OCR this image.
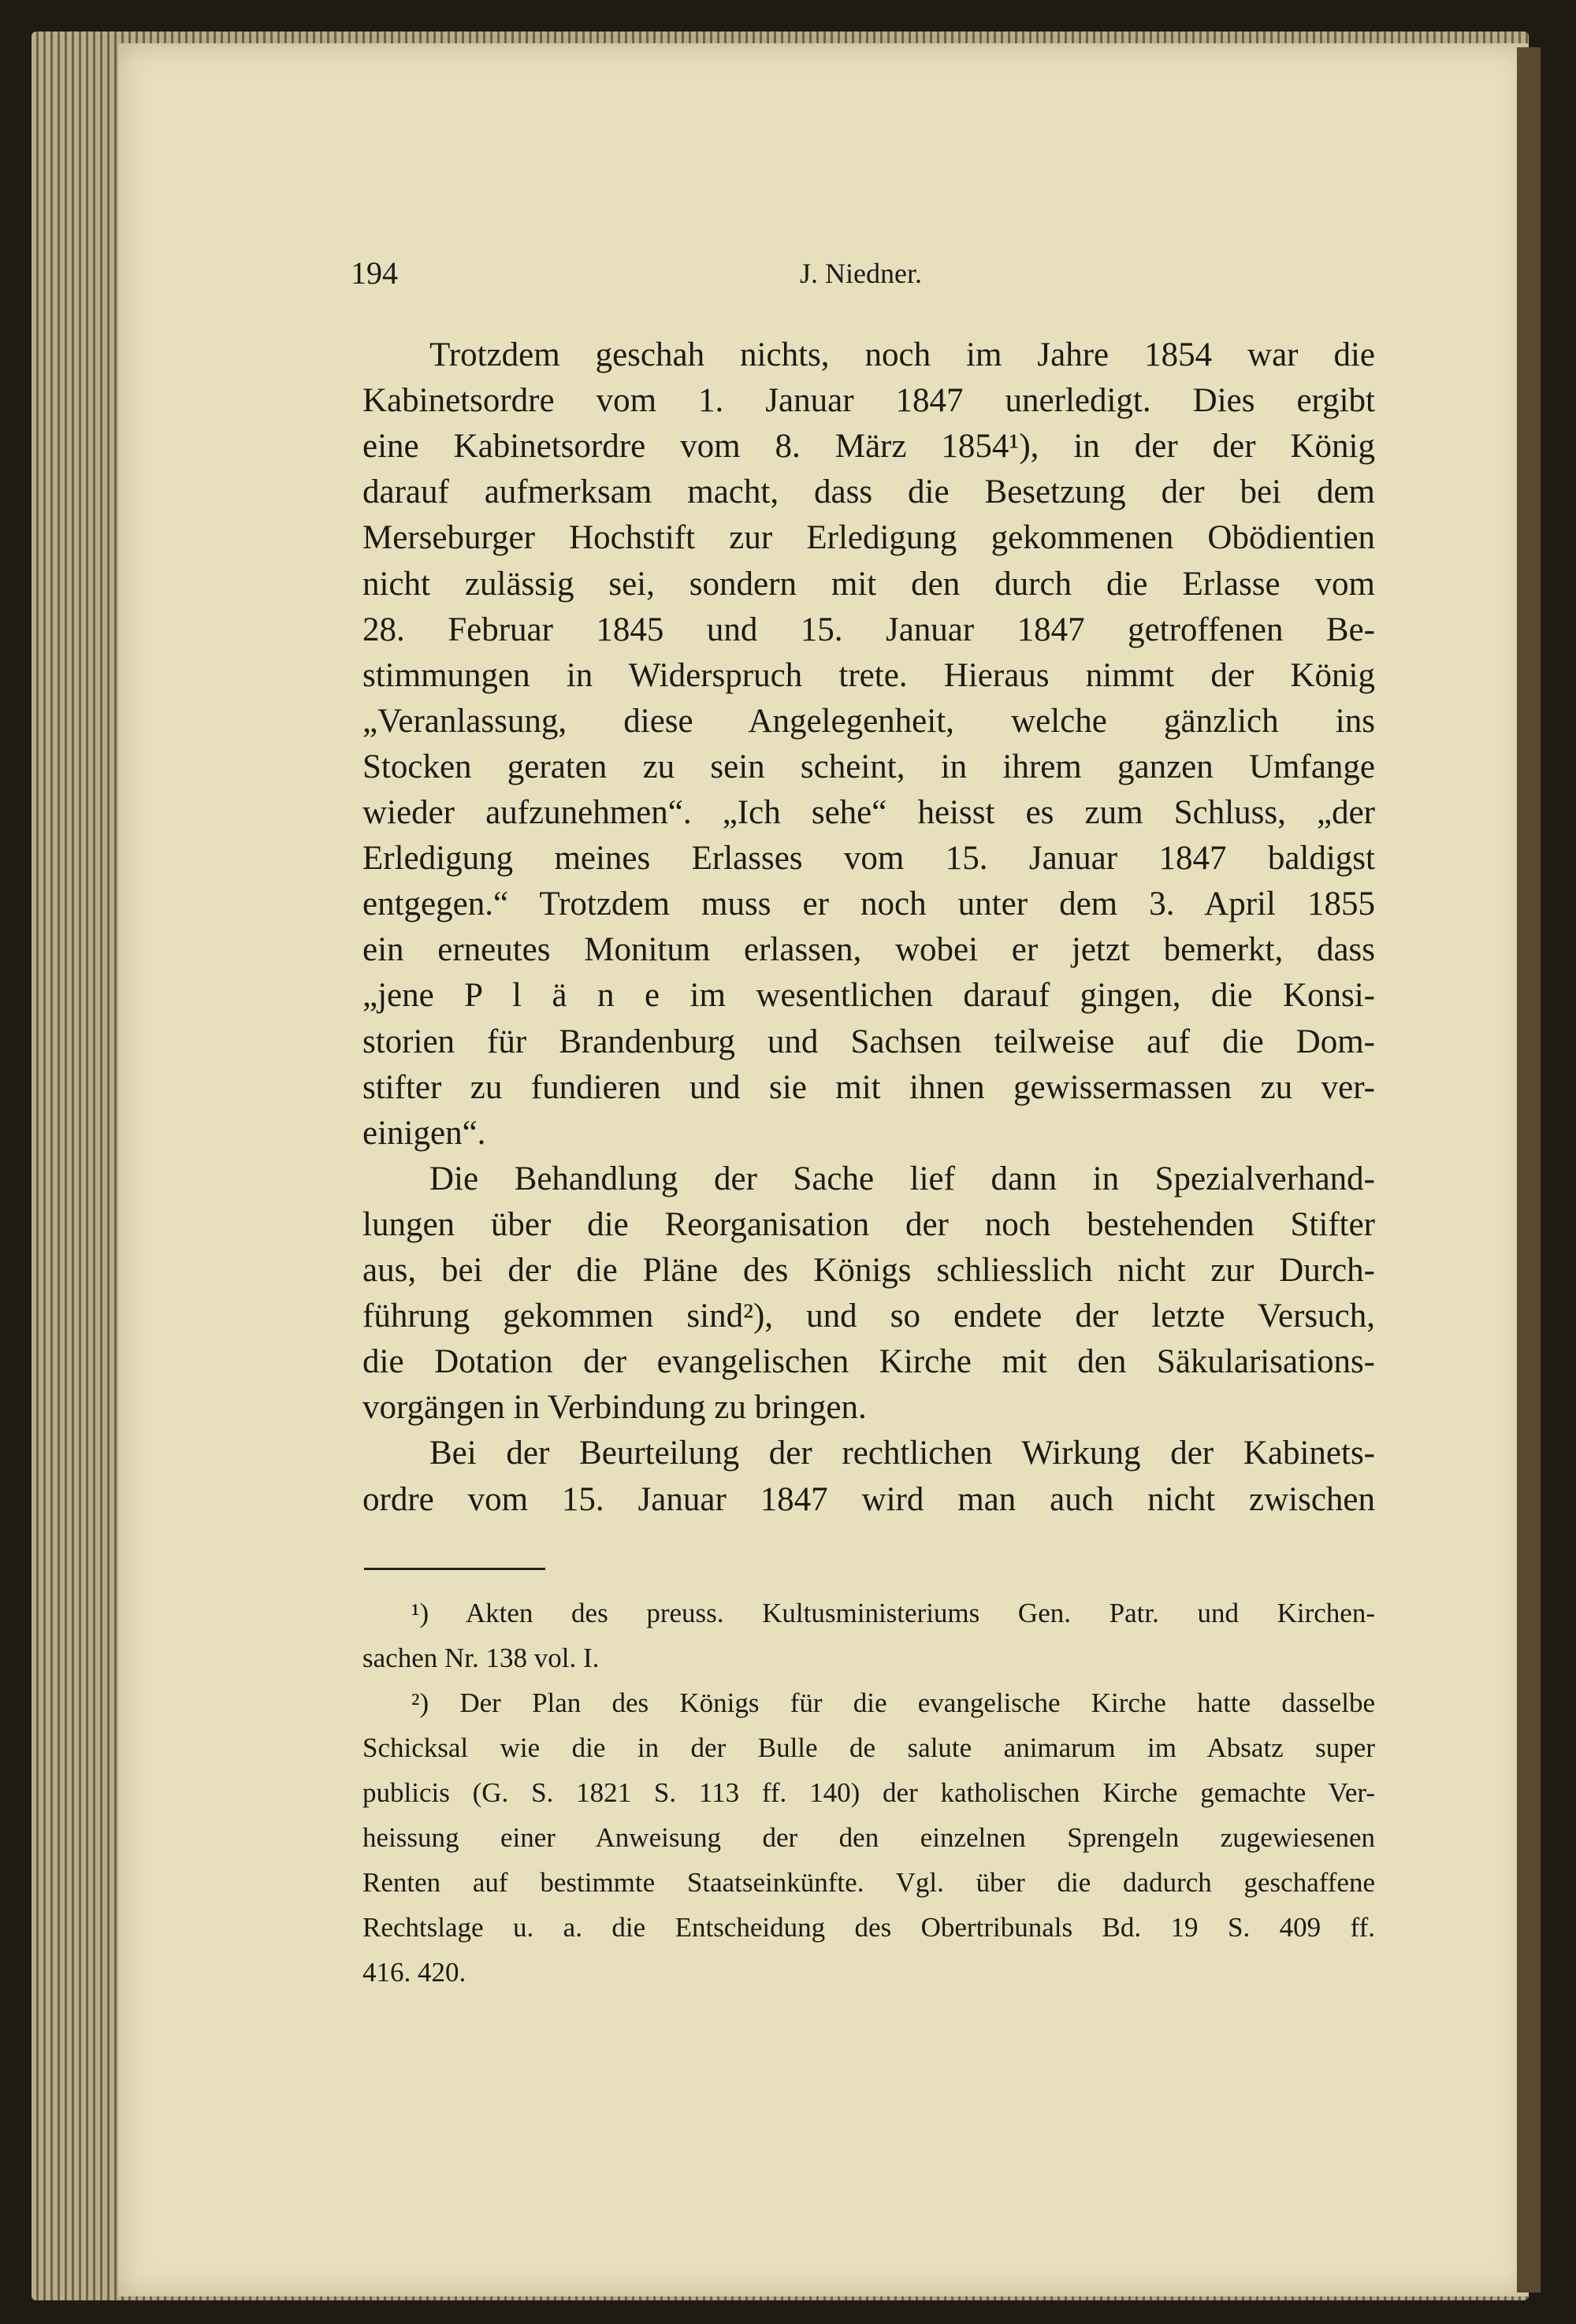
194	J. Niedner.
Trotzdem geschah nichts, noch im Jahre 1854 war die
Kabinetsordre vom 1. Januar 1847 unerledigt. Dies ergibt
eine Kabinetsordre vom 8. März 1854¹), in der der König
darauf aufmerksam macht, dass die Besetzung der bei dem
Merseburger Hochstift zur Erledigung gekommenen Obödientien
nicht zulässig sei, sondern mit den durch die Erlasse vom
28. Februar 1845 und 15. Januar 1847 getroffenen Be-
stimmungen in Widerspruch trete. Hieraus nimmt der König
„Veranlassung, diese Angelegenheit, welche gänzlich ins
Stocken geraten zu sein scheint, in ihrem ganzen Umfange
wieder aufzunehmen“. „Ich sehe“ heisst es zum Schluss, „der
Erledigung meines Erlasses vom 15. Januar 1847 baldigst
entgegen.“ Trotzdem muss er noch unter dem 3. April 1855
ein erneutes Monitum erlassen, wobei er jetzt bemerkt, dass
„jene P l ä n e im wesentlichen darauf gingen, die Konsi-
storien für Brandenburg und Sachsen teilweise auf die Dom-
stifter zu fundieren und sie mit ihnen gewissermassen zu ver-
einigen“.
Die Behandlung der Sache lief dann in Spezialverhand-
lungen über die Reorganisation der noch bestehenden Stifter
aus, bei der die Pläne des Königs schliesslich nicht zur Durch-
führung gekommen sind²), und so endete der letzte Versuch,
die Dotation der evangelischen Kirche mit den Säkularisations-
vorgängen in Verbindung zu bringen.
Bei der Beurteilung der rechtlichen Wirkung der Kabinets-
ordre vom 15. Januar 1847 wird man auch nicht zwischen
¹) Akten des preuss. Kultusministeriums Gen. Patr. und Kirchen-
sachen Nr. 138 vol. I.
²) Der Plan des Königs für die evangelische Kirche hatte dasselbe
Schicksal wie die in der Bulle de salute animarum im Absatz super
publicis (G. S. 1821 S. 113 ff. 140) der katholischen Kirche gemachte Ver-
heissung einer Anweisung der den einzelnen Sprengeln zugewiesenen
Renten auf bestimmte Staatseinkünfte. Vgl. über die dadurch geschaffene
Rechtslage u. a. die Entscheidung des Obertribunals Bd. 19 S. 409 ff.
416. 420.
